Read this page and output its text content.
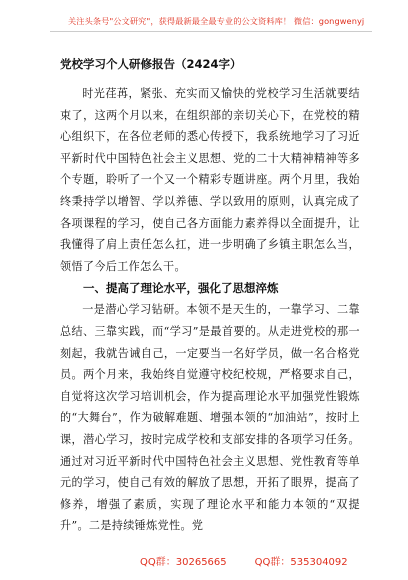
关注头条号"公文研究"，获得最新最全最专业的公文资料库！ 微信：gongwenyj
党校学习个人研修报告（2424字）

时光荏苒，紧张、充实而又愉快的党校学习生活就要结束了，这两个月以来，在组织部的亲切关心下，在党校的精心组织下，在各位老师的悉心传授下，我系统地学习了习近平新时代中国特色社会主义思想、党的二十大精神精神等多个专题，聆听了一个又一个精彩专题讲座。两个月里，我始终秉持学以增智、学以养德、学以致用的原则，认真完成了各项课程的学习，使自己各方面能力素养得以全面提升，让我懂得了肩上责任怎么扛，进一步明确了乡镇主职怎么当，领悟了今后工作怎么干。

一、提高了理论水平，强化了思想淬炼

一是潜心学习钻研。本领不是天生的，一靠学习、二靠总结、三靠实践，而“学习”是最首要的。从走进党校的那一刻起，我就告诫自己，一定要当一名好学员，做一名合格党员。两个月来，我始终自觉遵守校纪校规，严格要求自己，自觉将这次学习培训机会，作为提高理论水平加强党性锻炼的“大舞台”，作为破解难题、增强本领的“加油站”，按时上课，潜心学习，按时完成学校和支部安排的各项学习任务。通过对习近平新时代中国特色社会主义思想、党性教育等单元的学习，使自己有效的解放了思想，开拓了眼界，提高了修养，增强了素质，实现了理论水平和能力本领的“双提升”。二是持续锤炼党性。党

QQ群：30265665	QQ群：535304092
